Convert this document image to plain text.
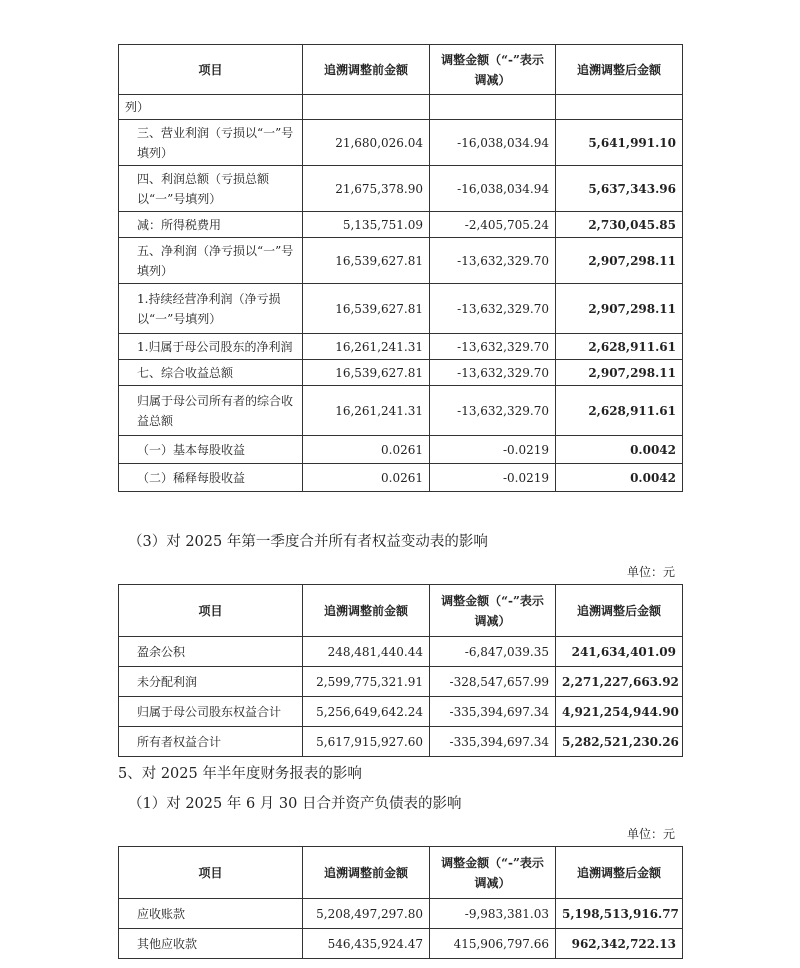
项目	追溯调整前金额	调整金额（“-”表示调减）	追溯调整后金额
列）			
三、营业利润（亏损以“一”号填列）	21,680,026.04	-16,038,034.94	5,641,991.10
四、利润总额（亏损总额以“一”号填列）	21,675,378.90	-16,038,034.94	5,637,343.96
减：所得税费用	5,135,751.09	-2,405,705.24	2,730,045.85
五、净利润（净亏损以“一”号填列）	16,539,627.81	-13,632,329.70	2,907,298.11
1.持续经营净利润（净亏损以“一”号填列）	16,539,627.81	-13,632,329.70	2,907,298.11
1.归属于母公司股东的净利润	16,261,241.31	-13,632,329.70	2,628,911.61
七、综合收益总额	16,539,627.81	-13,632,329.70	2,907,298.11
归属于母公司所有者的综合收益总额	16,261,241.31	-13,632,329.70	2,628,911.61
（一）基本每股收益	0.0261	-0.0219	0.0042
（二）稀释每股收益	0.0261	-0.0219	0.0042
（3）对 2025 年第一季度合并所有者权益变动表的影响
单位：元
项目	追溯调整前金额	调整金额（“-”表示调减）	追溯调整后金额
盈余公积	248,481,440.44	-6,847,039.35	241,634,401.09
未分配利润	2,599,775,321.91	-328,547,657.99	2,271,227,663.92
归属于母公司股东权益合计	5,256,649,642.24	-335,394,697.34	4,921,254,944.90
所有者权益合计	5,617,915,927.60	-335,394,697.34	5,282,521,230.26
5、对 2025 年半年度财务报表的影响
（1）对 2025 年 6 月 30 日合并资产负债表的影响
单位：元
项目	追溯调整前金额	调整金额（“-”表示调减）	追溯调整后金额
应收账款	5,208,497,297.80	-9,983,381.03	5,198,513,916.77
其他应收款	546,435,924.47	415,906,797.66	962,342,722.13
